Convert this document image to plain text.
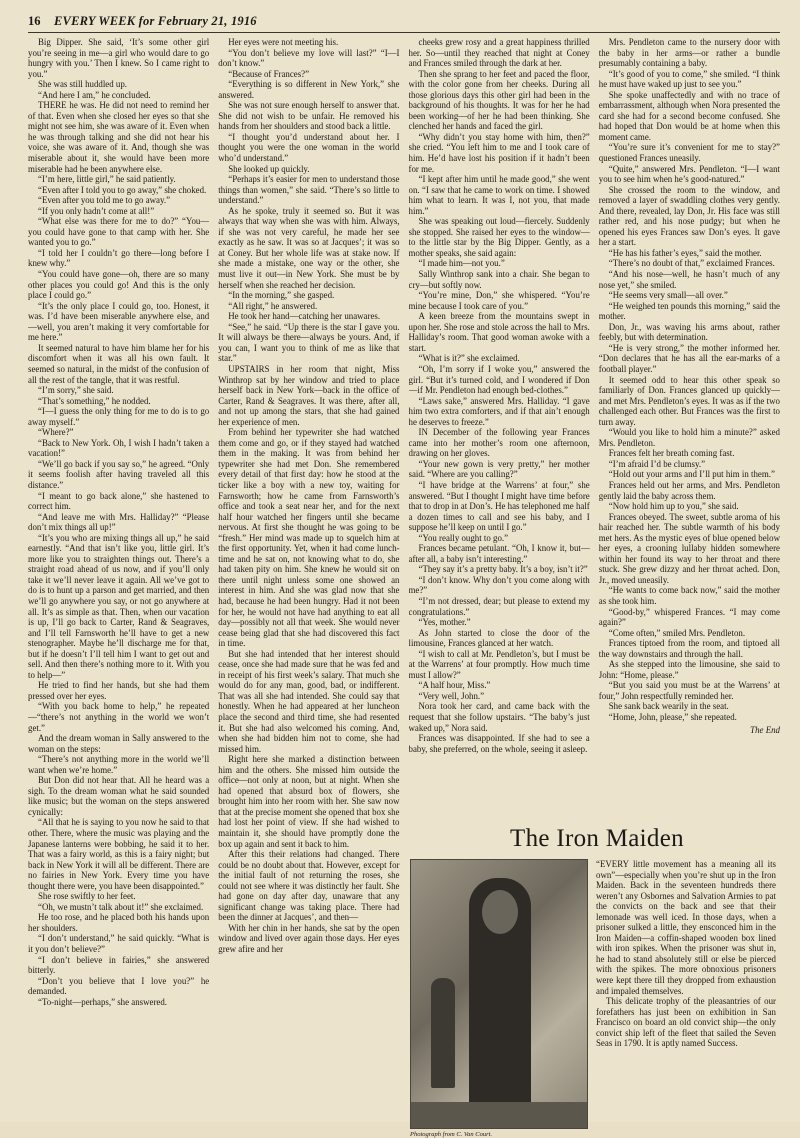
16	EVERY WEEK for February 21, 1916

Big Dipper. She said, ‘It’s some other girl you’re seeing in me—a girl who would dare to go hungry with you.’ Then I knew. So I came right to you.”

She was still huddled up.

“And here I am,” he concluded.

THERE he was. He did not need to remind her of that. Even when she closed her eyes so that she might not see him, she was aware of it. Even when he was through talking and she did not hear his voice, she was aware of it. And, though she was miserable about it, she would have been more miserable had he been anywhere else.

“I’m here, little girl,” he said patiently.

“Even after I told you to go away,” she choked.

“Even after you told me to go away.”

“If you only hadn’t come at all!”

“What else was there for me to do?” “You—you could have gone to that camp with her. She wanted you to go.”

“I told her I couldn’t go there—long before I knew why.”

“You could have gone—oh, there are so many other places you could go! And this is the only place I could go.”

“It’s the only place I could go, too. Honest, it was. I’d have been miserable anywhere else, and—well, you aren’t making it very comfortable for me here.”

It seemed natural to have him blame her for his discomfort when it was all his own fault. It seemed so natural, in the midst of the confusion of all the rest of the tangle, that it was restful.

“I’m sorry,” she said.

“That’s something,” he nodded.

“I—I guess the only thing for me to do is to go away myself.”

“Where?”

“Back to New York. Oh, I wish I hadn’t taken a vacation!”

“We’ll go back if you say so,” he agreed. “Only it seems foolish after having traveled all this distance.”

“I meant to go back alone,” she hastened to correct him.

“And leave me with Mrs. Halliday?” “Please don’t mix things all up!”

“It’s you who are mixing things all up,” he said earnestly. “And that isn’t like you, little girl. It’s more like you to straighten things out. There’s a straight road ahead of us now, and if you’ll only take it we’ll never leave it again. All we’ve got to do is to hunt up a parson and get married, and then we’ll go anywhere you say, or not go anywhere at all. It’s as simple as that. Then, when our vacation is up, I’ll go back to Carter, Rand & Seagraves, and I’ll tell Farnsworth he’ll have to get a new stenographer. Maybe he’ll discharge me for that, but if he doesn’t I’ll tell him I want to get out and sell. And then there’s nothing more to it. With you to help—”

He tried to find her hands, but she had them pressed over her eyes.

“With you back home to help,” he repeated—“there’s not anything in the world we won’t get.”

And the dream woman in Sally answered to the woman on the steps:

“There’s not anything more in the world we’ll want when we’re home.”

But Don did not hear that. All he heard was a sigh. To the dream woman what he said sounded like music; but the woman on the steps answered cynically:

“All that he is saying to you now he said to that other. There, where the music was playing and the Japanese lanterns were bobbing, he said it to her. That was a fairy world, as this is a fairy night; but back in New York it will all be different. There are no fairies in New York. Every time you have thought there were, you have been disappointed.”

She rose swiftly to her feet.

“Oh, we mustn’t talk about it!” she exclaimed.

He too rose, and he placed both his hands upon her shoulders.

“I don’t understand,” he said quickly. “What is it you don’t believe?”

“I don’t believe in fairies,” she answered bitterly.

“Don’t you believe that I love you?” he demanded.

“To-night—perhaps,” she answered.

Her eyes were not meeting his.

“You don’t believe my love will last?” “I—I don’t know.”

“Because of Frances?”

“Everything is so different in New York,” she answered.

She was not sure enough herself to answer that. She did not wish to be unfair. He removed his hands from her shoulders and stood back a little.

“I thought you’d understand about her. I thought you were the one woman in the world who’d understand.”

She looked up quickly.

“Perhaps it’s easier for men to understand those things than women,” she said. “There’s so little to understand.”

As he spoke, truly it seemed so. But it was always that way when she was with him. Always, if she was not very careful, he made her see exactly as he saw. It was so at Jacques’; it was so at Coney. But her whole life was at stake now. If she made a mistake, one way or the other, she must live it out—in New York. She must be by herself when she reached her decision.

“In the morning,” she gasped.

“All right,” he answered.

He took her hand—catching her unawares.

“See,” he said. “Up there is the star I gave you. It will always be there—always be yours. And, if you can, I want you to think of me as like that star.”

UPSTAIRS in her room that night, Miss Winthrop sat by her window and tried to place herself back in New York—back in the office of Carter, Rand & Seagraves. It was there, after all, and not up among the stars, that she had gained her experience of men.

From behind her typewriter she had watched them come and go, or if they stayed had watched them in the making. It was from behind her typewriter she had met Don. She remembered every detail of that first day: how he stood at the ticker like a boy with a new toy, waiting for Farnsworth; how he came from Farnsworth’s office and took a seat near her, and for the next half hour watched her fingers until she became nervous. At first she thought he was going to be “fresh.” Her mind was made up to squelch him at the first opportunity. Yet, when it had come lunch-time and he sat on, not knowing what to do, she had taken pity on him. She knew he would sit on there until night unless some one showed an interest in him. And she was glad now that she had, because he had been hungry. Had it not been for her, he would not have had anything to eat all day—possibly not all that week. She would never cease being glad that she had discovered this fact in time.

But she had intended that her interest should cease, once she had made sure that he was fed and in receipt of his first week’s salary. That much she would do for any man, good, bad, or indifferent. That was all she had intended. She could say that honestly. When he had appeared at her luncheon place the second and third time, she had resented it. But she had also welcomed his coming. And, when she had bidden him not to come, she had missed him.

Right here she marked a distinction between him and the others. She missed him outside the office—not only at noon, but at night. When she had opened that absurd box of flowers, she brought him into her room with her. She saw now that at the precise moment she opened that box she had lost her point of view. If she had wished to maintain it, she should have promptly done the box up again and sent it back to him.

After this their relations had changed. There could be no doubt about that. However, except for the initial fault of not returning the roses, she could not see where it was distinctly her fault. She had gone on day after day, unaware that any significant change was taking place. There had been the dinner at Jacques’, and then—

With her chin in her hands, she sat by the open window and lived over again those days. Her eyes grew afire and her

cheeks grew rosy and a great happiness thrilled her. So—until they reached that night at Coney and Frances smiled through the dark at her.

Then she sprang to her feet and paced the floor, with the color gone from her cheeks. During all those glorious days this other girl had been in the background of his thoughts. It was for her he had been working—of her he had been thinking. She clenched her hands and faced the girl.

“Why didn’t you stay home with him, then?” she cried. “You left him to me and I took care of him. He’d have lost his position if it hadn’t been for me.

“I kept after him until he made good,” she went on. “I saw that he came to work on time. I showed him what to learn. It was I, not you, that made him.”

She was speaking out loud—fiercely. Suddenly she stopped. She raised her eyes to the window—to the little star by the Big Dipper. Gently, as a mother speaks, she said again:

“I made him—not you.”

Sally Winthrop sank into a chair. She began to cry—but softly now.

“You’re mine, Don,” she whispered. “You’re mine because I took care of you.”

A keen breeze from the mountains swept in upon her. She rose and stole across the hall to Mrs. Halliday’s room. That good woman awoke with a start.

“What is it?” she exclaimed.

“Oh, I’m sorry if I woke you,” answered the girl. “But it’s turned cold, and I wondered if Don—if Mr. Pendleton had enough bed-clothes.”

“Laws sake,” answered Mrs. Halliday. “I gave him two extra comforters, and if that ain’t enough he deserves to freeze.”

IN December of the following year Frances came into her mother’s room one afternoon, drawing on her gloves.

“Your new gown is very pretty,” her mother said. “Where are you calling?”

“I have bridge at the Warrens’ at four,” she answered. “But I thought I might have time before that to drop in at Don’s. He has telephoned me half a dozen times to call and see his baby, and I suppose he’ll keep on until I go.”

“You really ought to go.”

Frances became petulant. “Oh, I know it, but—after all, a baby isn’t interesting.”

“They say it’s a pretty baby. It’s a boy, isn’t it?”

“I don’t know. Why don’t you come along with me?”

“I’m not dressed, dear; but please to extend my congratulations.”

“Yes, mother.”

As John started to close the door of the limousine, Frances glanced at her watch.

“I wish to call at Mr. Pendleton’s, but I must be at the Warrens’ at four promptly. How much time must I allow?”

“A half hour, Miss.”

“Very well, John.”

Nora took her card, and came back with the request that she follow upstairs. “The baby’s just waked up,” Nora said.

Frances was disappointed. If she had to see a baby, she preferred, on the whole, seeing it asleep.

Mrs. Pendleton came to the nursery door with the baby in her arms—or rather a bundle presumably containing a baby.

“It’s good of you to come,” she smiled. “I think he must have waked up just to see you.”

She spoke unaffectedly and with no trace of embarrassment, although when Nora presented the card she had for a second become confused. She had hoped that Don would be at home when this moment came.

“You’re sure it’s convenient for me to stay?” questioned Frances uneasily.

“Quite,” answered Mrs. Pendleton. “I—I want you to see him when he’s good-natured.”

She crossed the room to the window, and removed a layer of swaddling clothes very gently. And there, revealed, lay Don, Jr. His face was still rather red, and his nose pudgy; but when he opened his eyes Frances saw Don’s eyes. It gave her a start.

“He has his father’s eyes,” said the mother.

“There’s no doubt of that,” exclaimed Frances.

“And his nose—well, he hasn’t much of any nose yet,” she smiled.

“He seems very small—all over.”

“He weighed ten pounds this morning,” said the mother.

Don, Jr., was waving his arms about, rather feebly, but with determination.

“He is very strong,” the mother informed her. “Don declares that he has all the ear-marks of a football player.”

It seemed odd to hear this other speak so familiarly of Don. Frances glanced up quickly—and met Mrs. Pendleton’s eyes. It was as if the two challenged each other. But Frances was the first to turn away.

“Would you like to hold him a minute?” asked Mrs. Pendleton.

Frances felt her breath coming fast.

“I’m afraid I’d be clumsy.”

“Hold out your arms and I’ll put him in them.”

Frances held out her arms, and Mrs. Pendleton gently laid the baby across them.

“Now hold him up to you,” she said.

Frances obeyed. The sweet, subtle aroma of his hair reached her. The subtle warmth of his body met hers. As the mystic eyes of blue opened below her eyes, a crooning lullaby hidden somewhere within her found its way to her throat and there stuck. She grew dizzy and her throat ached. Don, Jr., moved uneasily.

“He wants to come back now,” said the mother as she took him.

“Good-by,” whispered Frances. “I may come again?”

“Come often,” smiled Mrs. Pendleton.

Frances tiptoed from the room, and tiptoed all the way downstairs and through the hall.

As she stepped into the limousine, she said to John: “Home, please.”

“But you said you must be at the Warrens’ at four,” John respectfully reminded her.

She sank back wearily in the seat.

“Home, John, please,” she repeated.

The End
The Iron Maiden
Photograph from C. Van Court.

“EVERY little movement has a meaning all its own”—especially when you’re shut up in the Iron Maiden. Back in the seventeen hundreds there weren’t any Osbornes and Salvation Armies to pat the convicts on the back and see that their lemonade was well iced. In those days, when a prisoner sulked a little, they ensconced him in the Iron Maiden—a coffin-shaped wooden box lined with iron spikes. When the prisoner was shut in, he had to stand absolutely still or else be pierced with the spikes. The more obnoxious prisoners were kept there till they dropped from exhaustion and impaled themselves.

This delicate trophy of the pleasantries of our forefathers has just been on exhibition in San Francisco on board an old convict ship—the only convict ship left of the fleet that sailed the Seven Seas in 1790. It is aptly named Success.
